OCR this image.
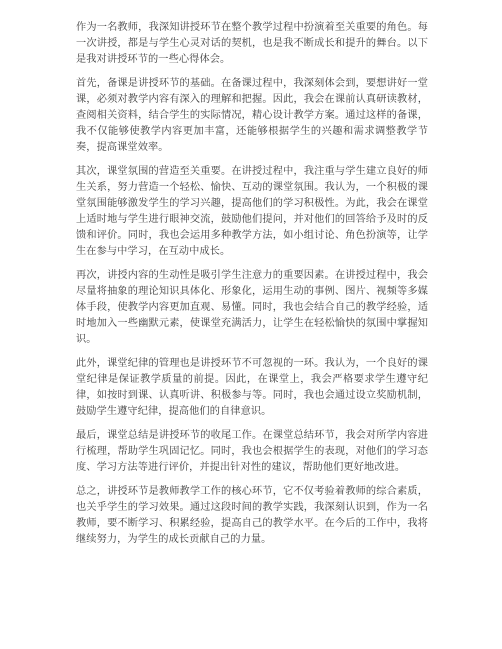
作为一名教师，我深知讲授环节在整个教学过程中扮演着至关重要的角色。每一次讲授，都是与学生心灵对话的契机，也是我不断成长和提升的舞台。以下是我对讲授环节的一些心得体会。

首先，备课是讲授环节的基础。在备课过程中，我深刻体会到，要想讲好一堂课，必须对教学内容有深入的理解和把握。因此，我会在课前认真研读教材，查阅相关资料，结合学生的实际情况，精心设计教学方案。通过这样的备课，我不仅能够使教学内容更加丰富，还能够根据学生的兴趣和需求调整教学节奏，提高课堂效率。

其次，课堂氛围的营造至关重要。在讲授过程中，我注重与学生建立良好的师生关系，努力营造一个轻松、愉快、互动的课堂氛围。我认为，一个积极的课堂氛围能够激发学生的学习兴趣，提高他们的学习积极性。为此，我会在课堂上适时地与学生进行眼神交流，鼓励他们提问，并对他们的回答给予及时的反馈和评价。同时，我也会运用多种教学方法，如小组讨论、角色扮演等，让学生在参与中学习，在互动中成长。

再次，讲授内容的生动性是吸引学生注意力的重要因素。在讲授过程中，我会尽量将抽象的理论知识具体化、形象化，运用生动的事例、图片、视频等多媒体手段，使教学内容更加直观、易懂。同时，我也会结合自己的教学经验，适时地加入一些幽默元素，使课堂充满活力，让学生在轻松愉快的氛围中掌握知识。

此外，课堂纪律的管理也是讲授环节不可忽视的一环。我认为，一个良好的课堂纪律是保证教学质量的前提。因此，在课堂上，我会严格要求学生遵守纪律，如按时到课、认真听讲、积极参与等。同时，我也会通过设立奖励机制，鼓励学生遵守纪律，提高他们的自律意识。

最后，课堂总结是讲授环节的收尾工作。在课堂总结环节，我会对所学内容进行梳理，帮助学生巩固记忆。同时，我也会根据学生的表现，对他们的学习态度、学习方法等进行评价，并提出针对性的建议，帮助他们更好地改进。

总之，讲授环节是教师教学工作的核心环节，它不仅考验着教师的综合素质，也关乎学生的学习效果。通过这段时间的教学实践，我深刻认识到，作为一名教师，要不断学习、积累经验，提高自己的教学水平。在今后的工作中，我将继续努力，为学生的成长贡献自己的力量。
